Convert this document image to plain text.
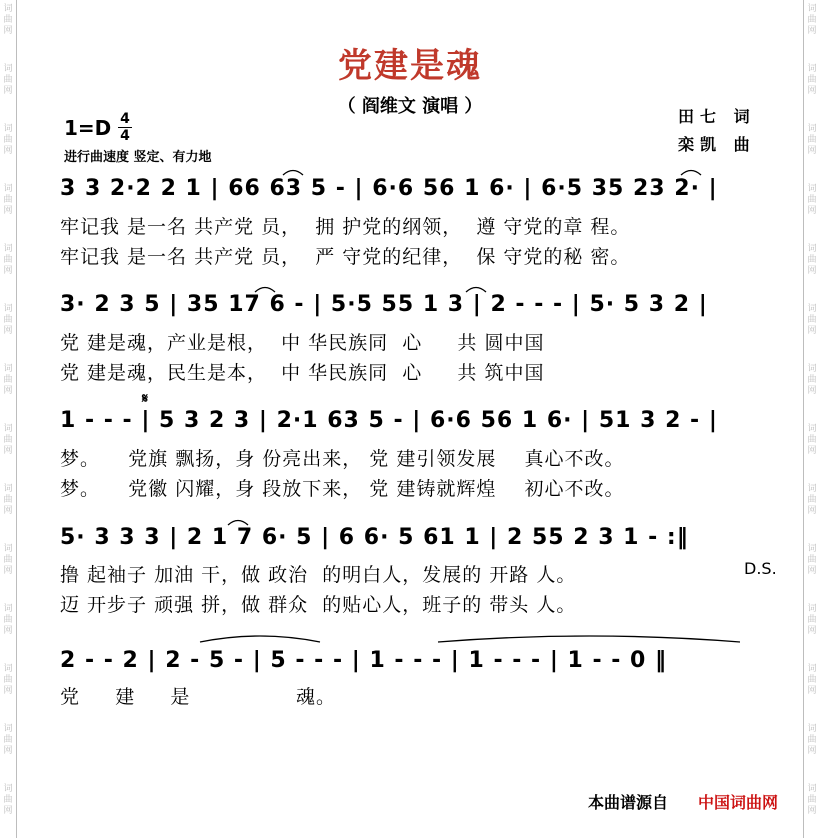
词
曲
网
词
曲
网
词
曲
网
词
曲
网
词
曲
网
词
曲
网
词
曲
网
词
曲
网
词
曲
网
词
曲
网
词
曲
网
词
曲
网
词
曲
网
词
曲
网
词
曲
网
词
曲
网
词
曲
网
词
曲
网
词
曲
网
词
曲
网
词
曲
网
词
曲
网
词
曲
网
词
曲
网
词
曲
网
词
曲
网
词
曲
网
词
曲
网
党建是魂
（ 阎维文 演唱 ）	田七 词
栾凯 曲
1=D 4
4
进行曲速度 竖定、有力地
3 3 2·2 2 1 | 66 63 5 - | 6·6 56 1 6· | 6·5 35 23 2· |
牢记我 是一名 共产党 员，  拥 护党的纲领，  遵 守党的章 程。
牢记我 是一名 共产党 员，  严 守党的纪律，  保 守党的秘 密。
3· 2 3 5 | 35 17 6 - | 5·5 55 1 3 | 2 - - - | 5· 5 3 2 |
党 建是魂，产业是根，  中 华民族同  心     共 圆中国
党 建是魂，民生是本，  中 华民族同  心     共 筑中国
𝄋
1 - - - | 5 3 2 3 | 2·1 63 5 - | 6·6 56 1 6· | 51 3 2 - |
梦。    党旗 飘扬，身 份亮出来， 党 建引领发展    真心不改。
梦。    党徽 闪耀，身 段放下来， 党 建铸就辉煌    初心不改。
5· 3 3 3 | 2 1 7 6· 5 | 6 6· 5 61 1 | 2 55 2 3 1 - :‖
撸 起袖子 加油 干，做 政治  的明白人，发展的 开路 人。
迈 开步子 顽强 拼，做 群众  的贴心人，班子的 带头 人。
D.S.
2 - - 2 | 2 - 5 - | 5 - - - | 1 - - - | 1 - - - | 1 - - 0 ‖
党     建     是               魂。
本曲谱源自 中国词曲网
